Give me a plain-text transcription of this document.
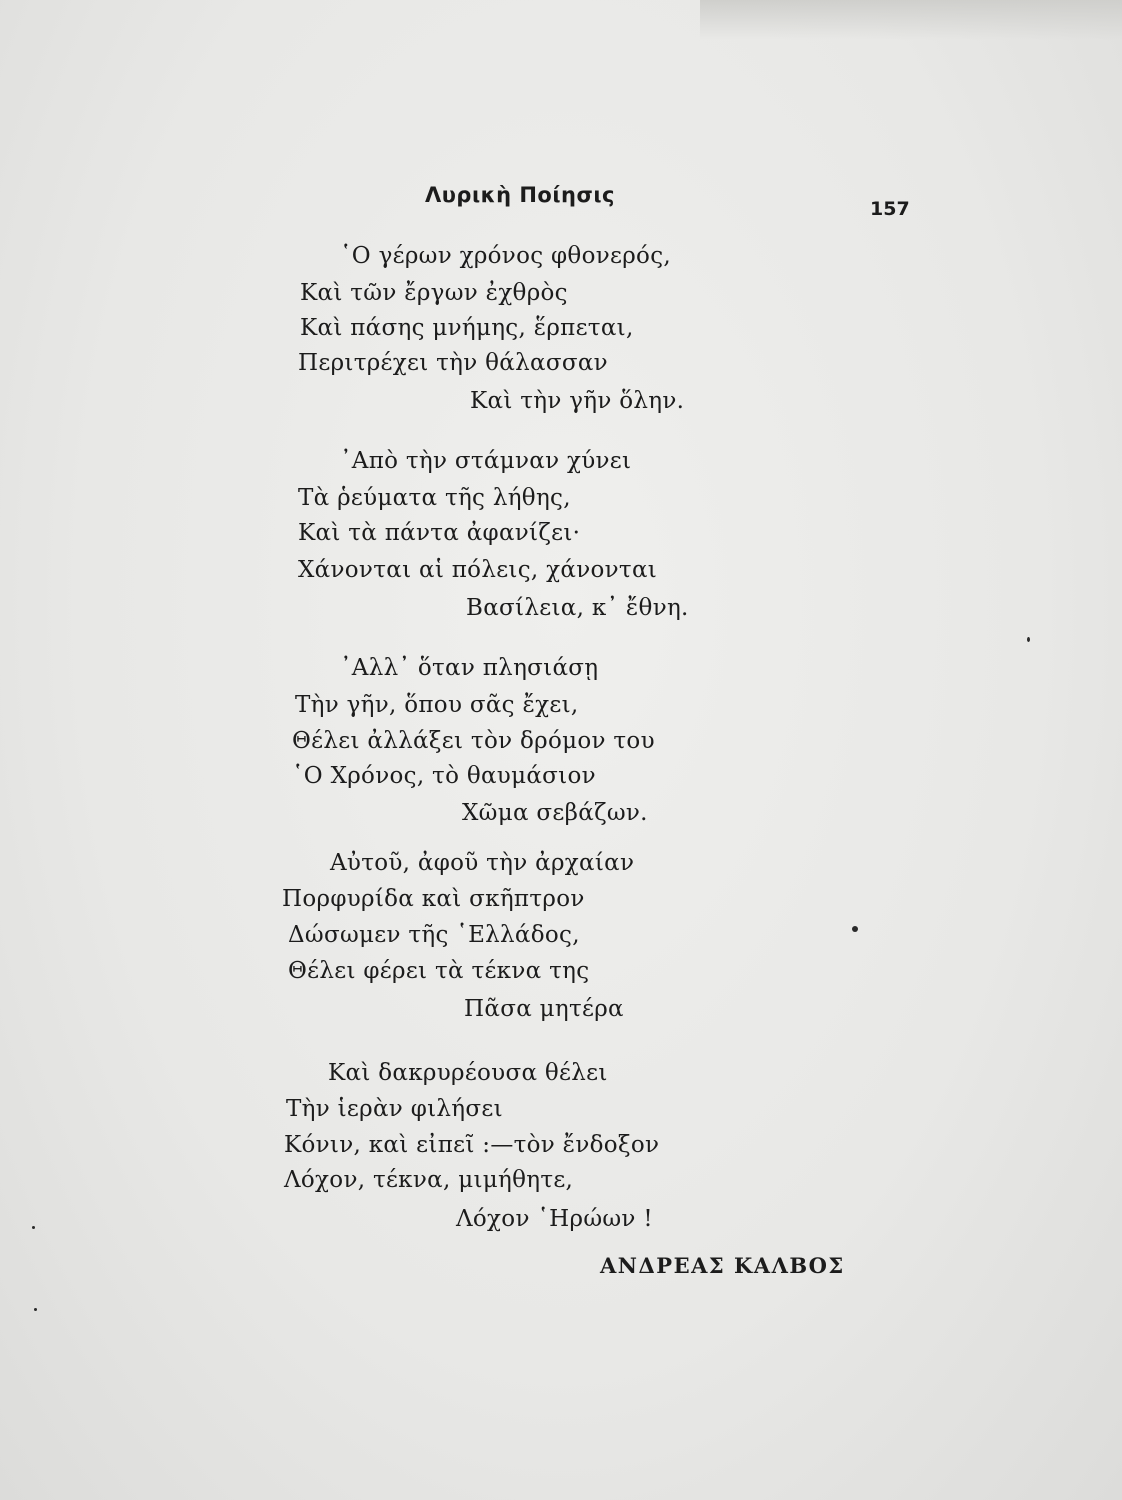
Λυρικὴ Ποίησις
157
῾Ο γέρων χρόνος φθονερός,
Καὶ τῶν ἔργων ἐχθρὸς
Καὶ πάσης μνήμης, ἕρπεται,
Περιτρέχει τὴν θάλασσαν
Καὶ τὴν γῆν ὅλην.
᾿Απὸ τὴν στάμναν χύνει
Τὰ ῥεύματα τῆς λήθης,
Καὶ τὰ πάντα ἀφανίζει·
Χάνονται αἱ πόλεις, χάνονται
Βασίλεια, κ᾿ ἔθνη.
᾿Αλλ᾿ ὅταν πλησιάσῃ
Τὴν γῆν, ὅπου σᾶς ἔχει,
Θέλει ἀλλάξει τὸν δρόμον του
῾Ο Χρόνος, τὸ θαυμάσιον
Χῶμα σεβάζων.
Αὐτοῦ, ἀφοῦ τὴν ἀρχαίαν
Πορφυρίδα καὶ σκῆπτρον
Δώσωμεν τῆς ῾Ελλάδος,
Θέλει φέρει τὰ τέκνα της
Πᾶσα μητέρα
Καὶ δακρυρέουσα θέλει
Τὴν ἱερὰν φιλήσει
Κόνιν, καὶ εἰπεῖ :—τὸν ἔνδοξον
Λόχον, τέκνα, μιμήθητε,
Λόχον ῾Ηρώων !
ΑΝΔΡΕΑΣ ΚΑΛΒΟΣ
